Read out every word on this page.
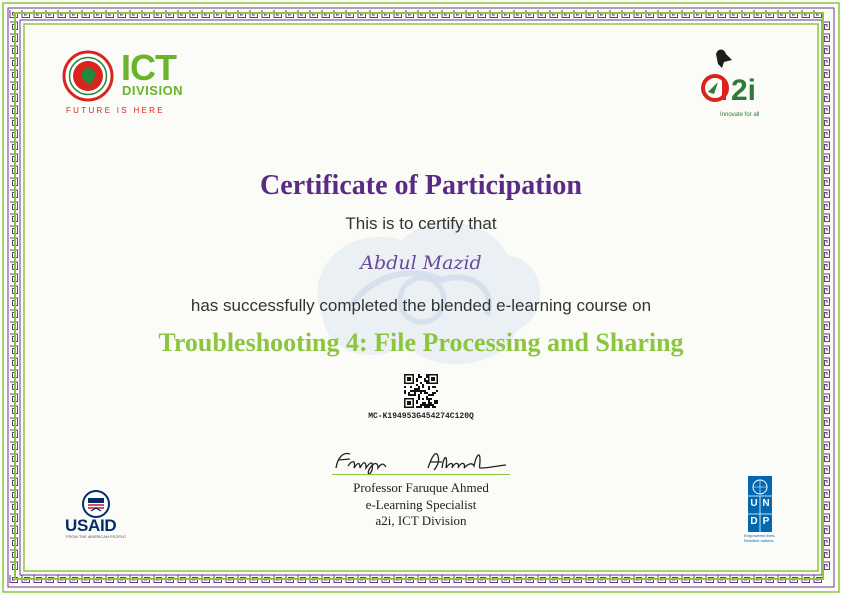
ICT
DIVISION
FUTURE IS HERE
2i
Innovate for all
Certificate of Participation
This is to certify that
Abdul Mazid
has successfully completed the blended e-learning course on
Troubleshooting 4: File Processing and Sharing
MC-K194953G454274C120Q
Professor Faruque Ahmed
e-Learning Specialist
a2i, ICT Division
USAID
FROM THE AMERICAN PEOPLE
U N
D P
Empowered lives.
Resilient nations.
